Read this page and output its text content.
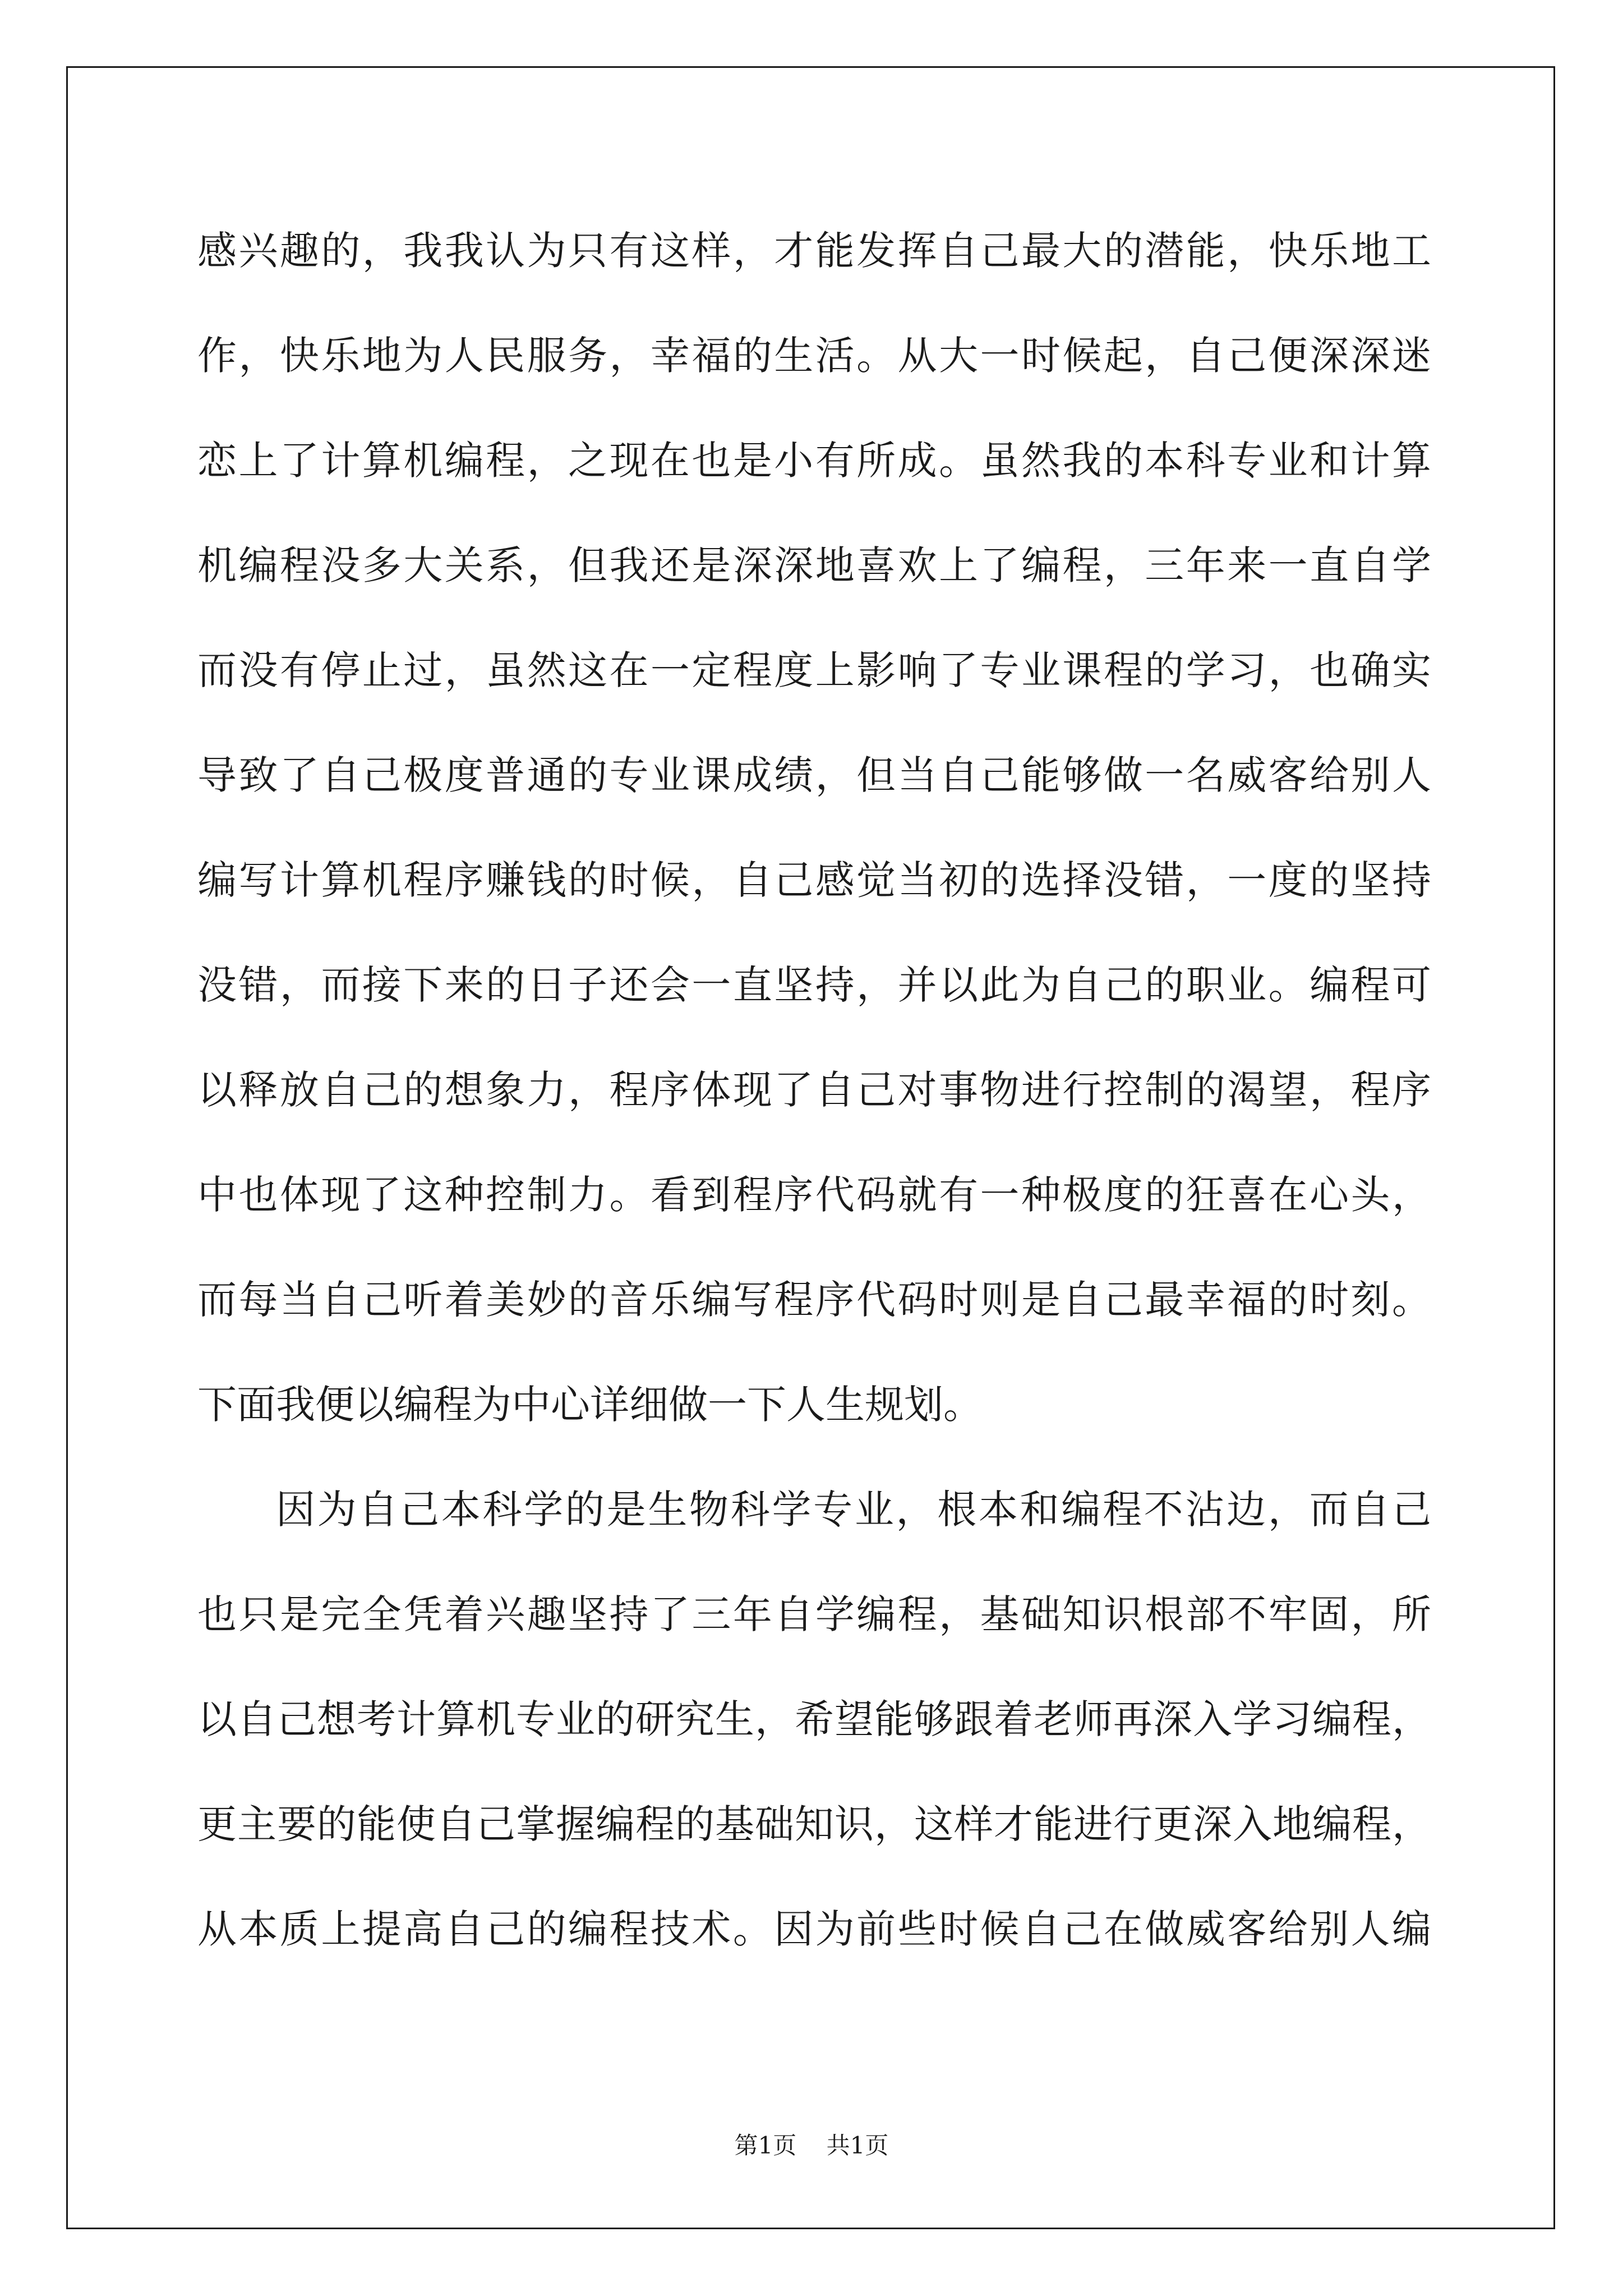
感兴趣的，我我认为只有这样，才能发挥自己最大的潜能，快乐地工
作，快乐地为人民服务，幸福的生活。从大一时候起，自己便深深迷
恋上了计算机编程，之现在也是小有所成。虽然我的本科专业和计算
机编程没多大关系，但我还是深深地喜欢上了编程，三年来一直自学
而没有停止过，虽然这在一定程度上影响了专业课程的学习，也确实
导致了自己极度普通的专业课成绩，但当自己能够做一名威客给别人
编写计算机程序赚钱的时候，自己感觉当初的选择没错，一度的坚持
没错，而接下来的日子还会一直坚持，并以此为自己的职业。编程可
以释放自己的想象力，程序体现了自己对事物进行控制的渴望，程序
中也体现了这种控制力。看到程序代码就有一种极度的狂喜在心头，
而每当自己听着美妙的音乐编写程序代码时则是自己最幸福的时刻。
下面我便以编程为中心详细做一下人生规划。
因为自己本科学的是生物科学专业，根本和编程不沾边，而自己
也只是完全凭着兴趣坚持了三年自学编程，基础知识根部不牢固，所
以自己想考计算机专业的研究生，希望能够跟着老师再深入学习编程，
更主要的能使自己掌握编程的基础知识，这样才能进行更深入地编程，
从本质上提高自己的编程技术。因为前些时候自己在做威客给别人编
第1页 共1页
